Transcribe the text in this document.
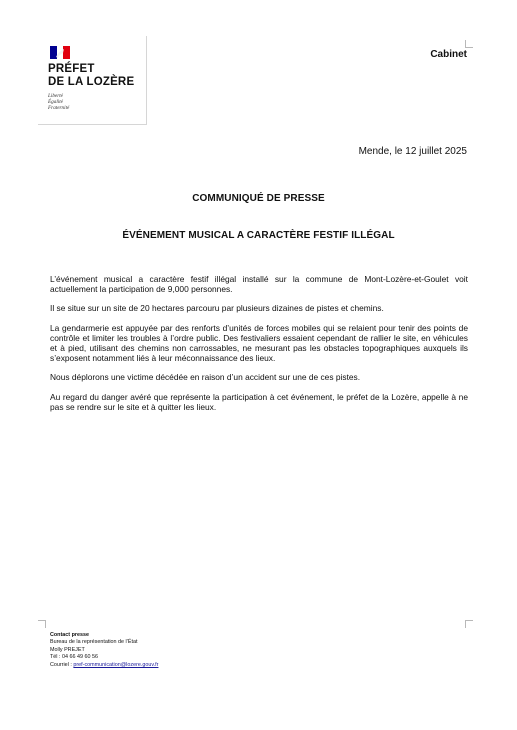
PRÉFET
DE LA LOZÈRE
Liberté
Égalité
Fraternité
Cabinet
Mende, le 12 juillet 2025
COMMUNIQUÉ DE PRESSE
ÉVÉNEMENT MUSICAL A CARACTÈRE FESTIF ILLÉGAL

L’événement musical a caractère festif illégal installé sur la commune de Mont-Lozère-et-Goulet voit actuellement la participation de 9,000 personnes.

Il se situe sur un site de 20 hectares parcouru par plusieurs dizaines de pistes et chemins.

La gendarmerie est appuyée par des renforts d’unités de forces mobiles qui se relaient pour tenir des points de contrôle et limiter les troubles à l’ordre public. Des festivaliers essaient cependant de rallier le site, en véhicules et à pied, utilisant des chemins non carrossables, ne mesurant pas les obstacles topographiques auxquels ils s’exposent notamment liés à leur méconnaissance des lieux.

Nous déplorons une victime décédée en raison d’un accident sur une de ces pistes.

Au regard du danger avéré que représente la participation à cet événement, le préfet de la Lozère, appelle à ne pas se rendre sur le site et à quitter les lieux.

Contact presse
Bureau de la représentation de l’État
Molly PREJET
Tél : 04 66 49 60 56
Courriel : pref-communication@lozere.gouv.fr
